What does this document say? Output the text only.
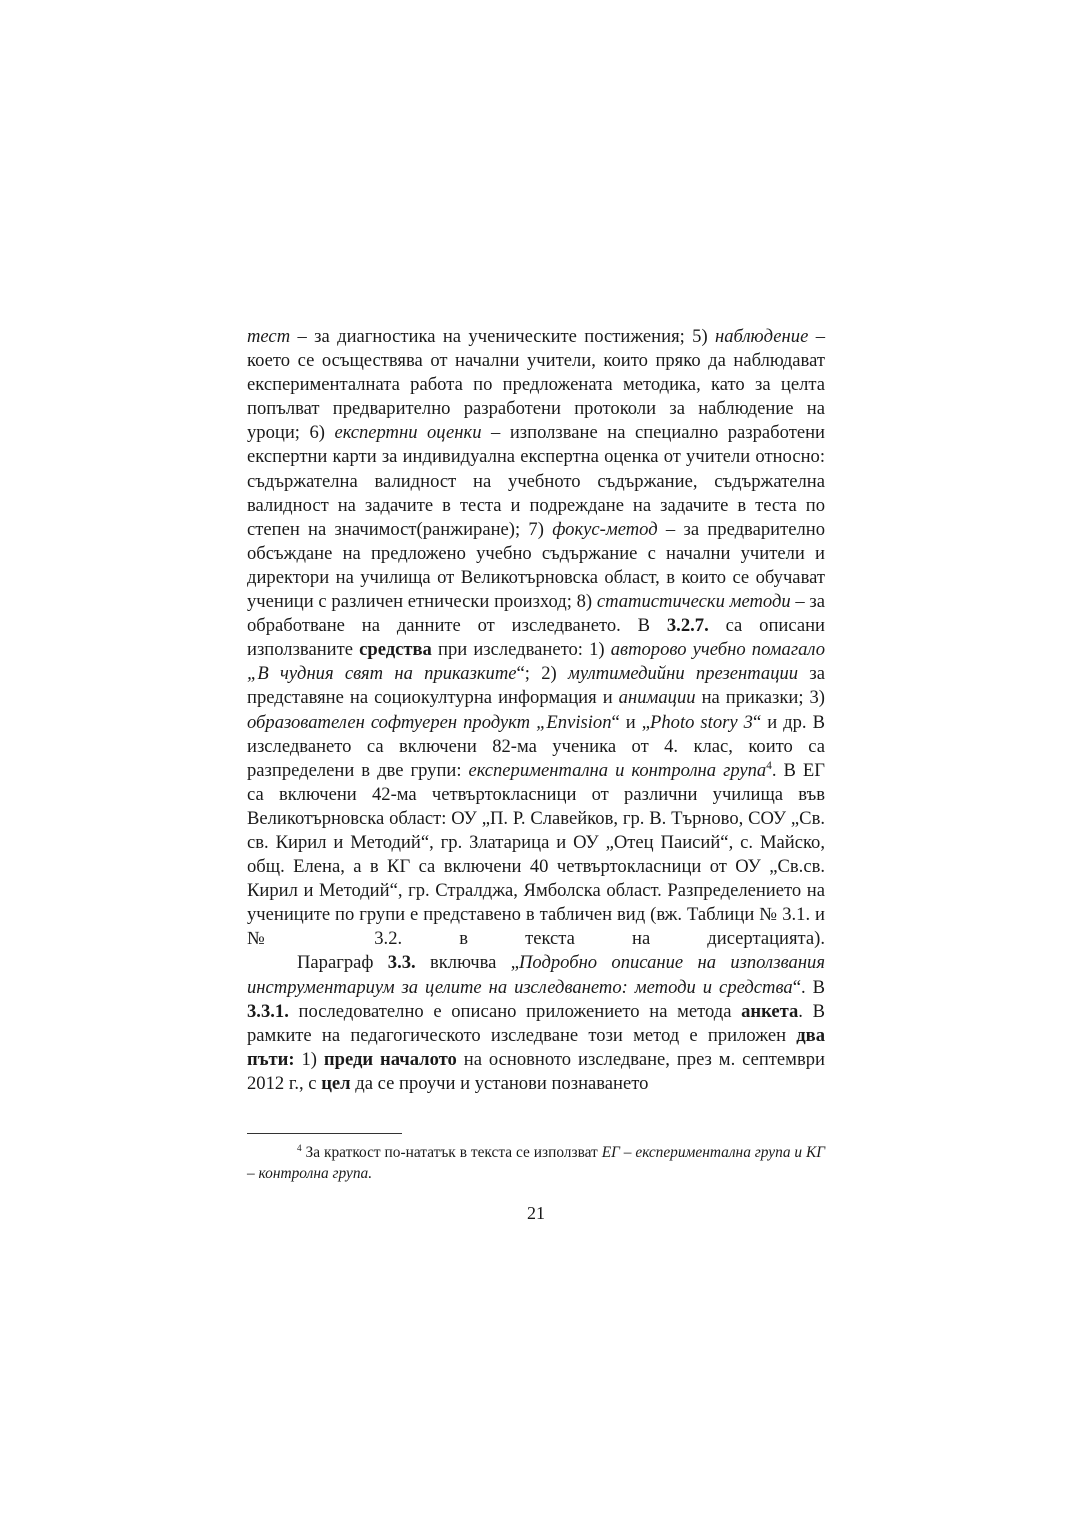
тест – за диагностика на ученическите постижения; 5) наблюдение – което се осъществява от начални учители, които пряко да наблюдават експерименталната работа по предложената методика, като за целта попълват предварително разработени протоколи за наблюдение на уроци; 6) експертни оценки – използване на специално разработени експертни карти за индивидуална експертна оценка от учители относно: съдържателна валидност на учебното съдържание, съдържателна валидност на задачите в теста и подреждане на задачите в теста по степен на значимост(ранжиране); 7) фокус-метод – за предварително обсъждане на предложено учебно съдържание с начални учители и директори на училища от Великотърновска област, в които се обучават ученици с различен етнически произход; 8) статистически методи – за обработване на данните от изследването. В 3.2.7. са описани използваните средства при изследването: 1) авторово учебно помагало „В чудния свят на приказките“; 2) мултимедийни презентации за представяне на социокултурна информация и анимации на приказки; 3) образователен софтуерен продукт „Envision“ и „Photo story 3“ и др. В изследването са включени 82-ма ученика от 4. клас, които са разпределени в две групи: експериментална и контролна група$^4$. В ЕГ са включени 42-ма четвъртокласници от различни училища във Великотърновска област: ОУ „П. Р. Славейков, гр. В. Търново, СОУ „Св. св. Кирил и Методий“, гр. Златарица и ОУ „Отец Паисий“, с. Майско, общ. Елена, а в КГ са включени 40 четвъртокласници от ОУ „Св.св. Кирил и Методий“, гр. Стралджа, Ямболска област. Разпределението на учениците по групи е представено в табличен вид (вж. Таблици № 3.1. и № 3.2. в текста на дисертацията).

Параграф 3.3. включва „Подробно описание на използвания инструментариум за целите на изследването: методи и средства“. В 3.3.1. последователно е описано приложението на метода анкета. В рамките на педагогическото изследване този метод е приложен два пъти: 1) преди началото на основното изследване, през м. септември 2012 г., с цел да се проучи и установи познаването

$^4$ За краткост по-нататък в текста се използват ЕГ – експериментална група и КГ – контролна група.
21
